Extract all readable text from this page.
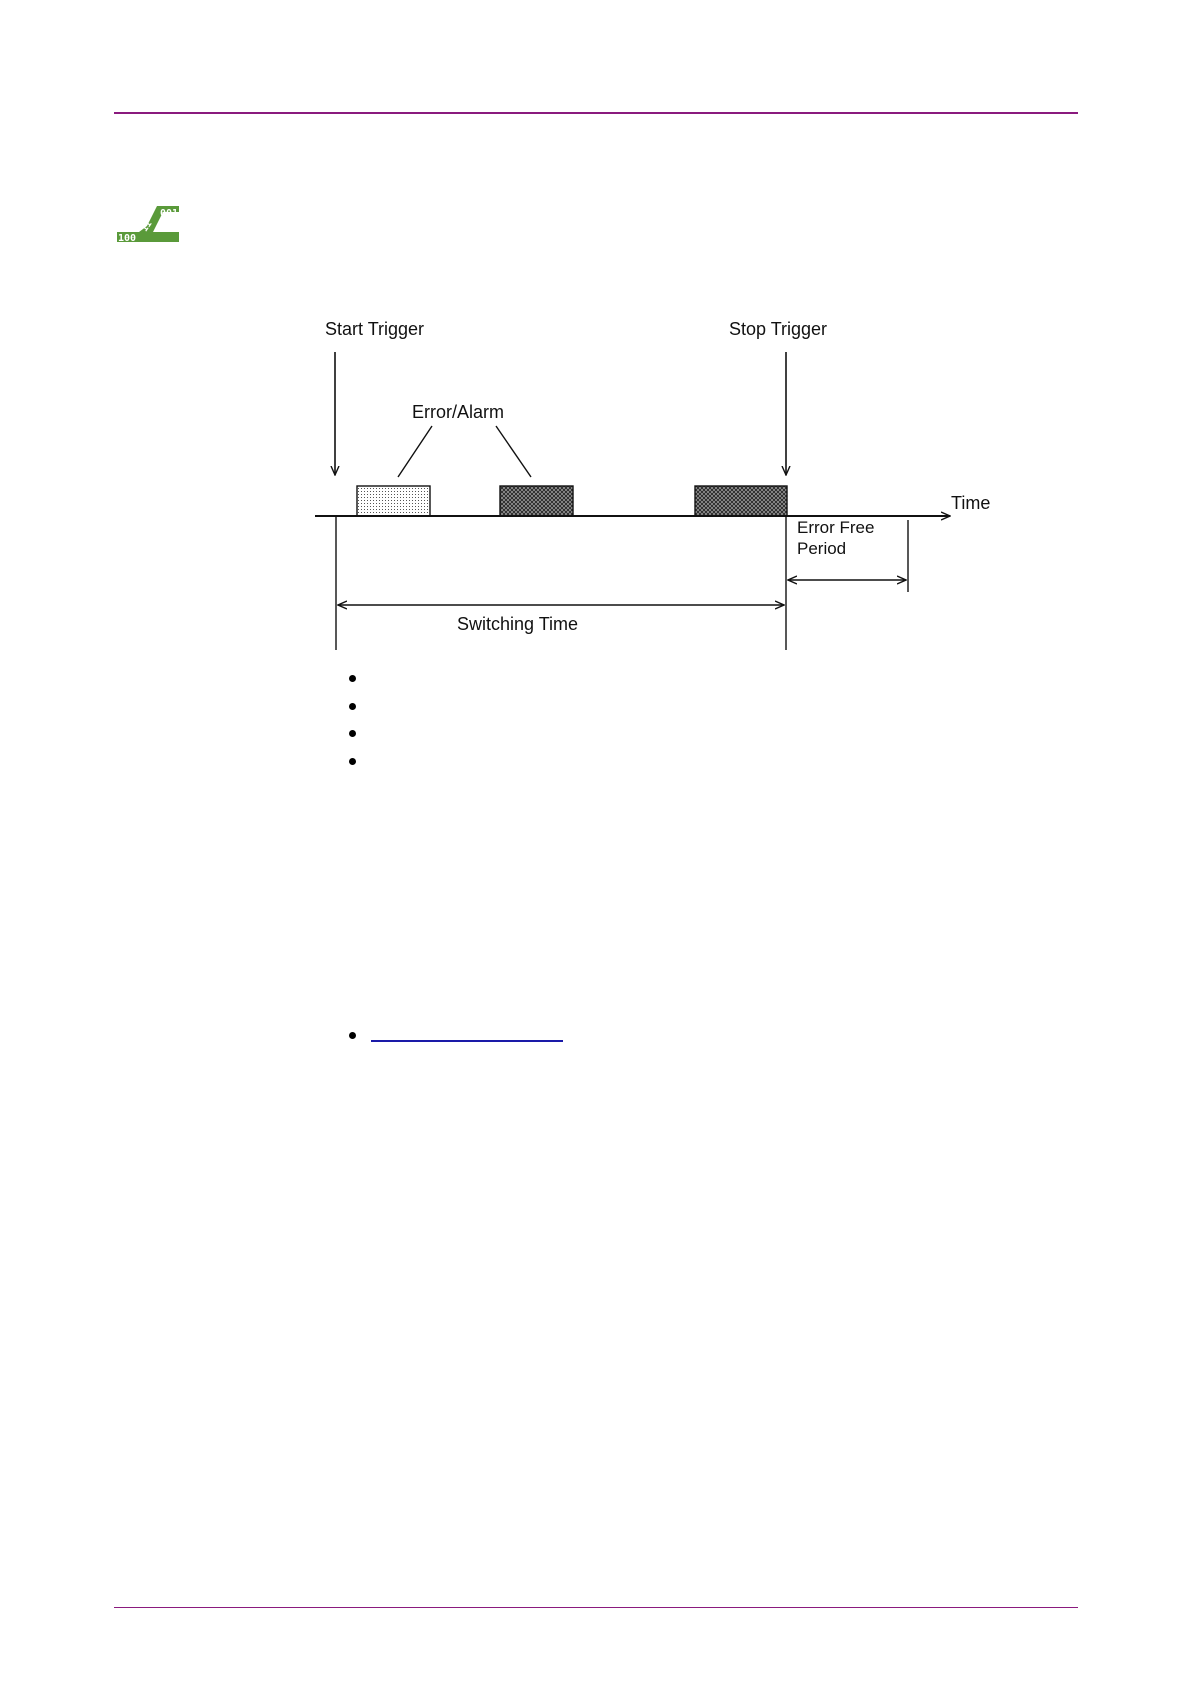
001
100
11
Start Trigger	Stop Trigger
Error/Alarm
Time
Error Free
Period
Switching Time
